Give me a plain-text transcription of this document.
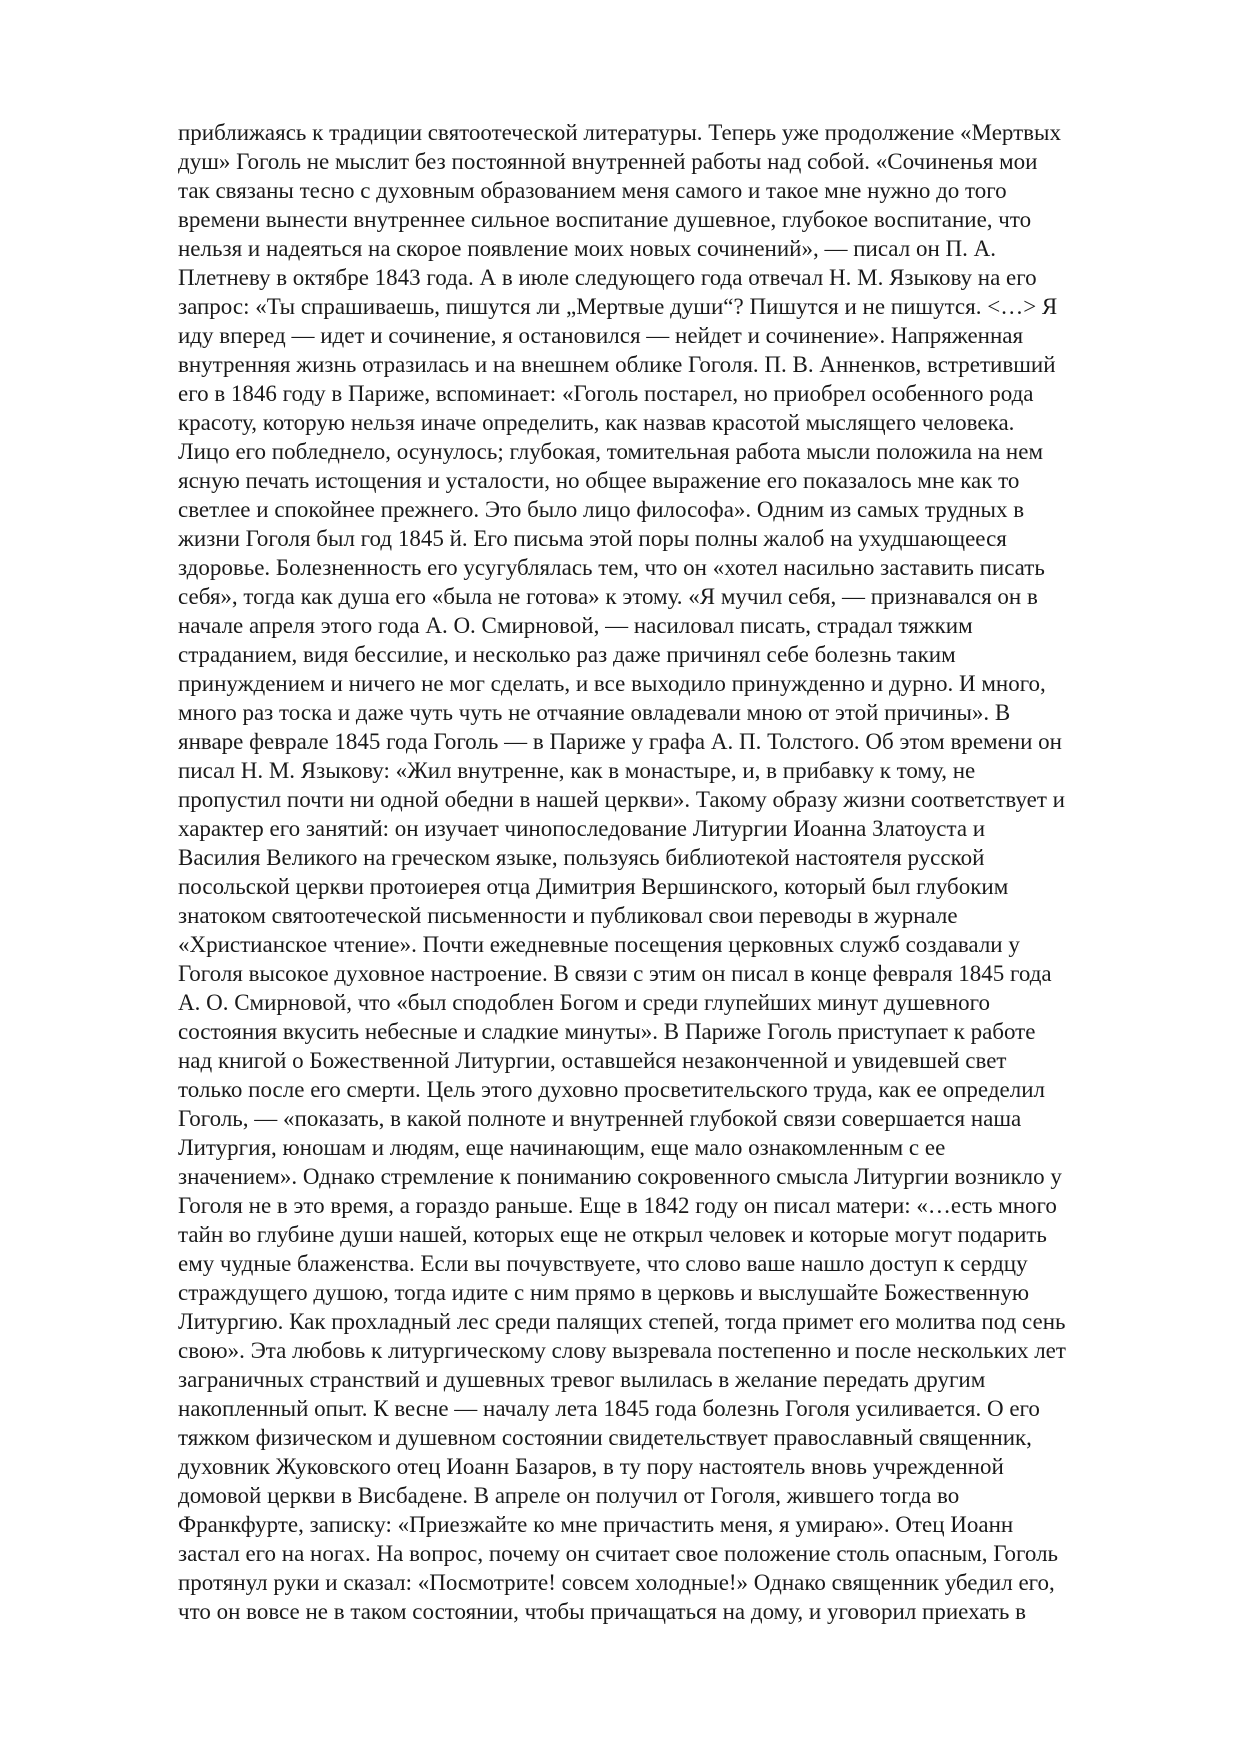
приближаясь к традиции святоотеческой литературы. Теперь уже продолжение «Мертвых

душ» Гоголь не мыслит без постоянной внутренней работы над собой. «Сочиненья мои

так связаны тесно с духовным образованием меня самого и такое мне нужно до того

времени вынести внутреннее сильное воспитание душевное, глубокое воспитание, что

нельзя и надеяться на скорое появление моих новых сочинений», — писал он П. А.

Плетневу в октябре 1843 года. А в июле следующего года отвечал Н. М. Языкову на его

запрос: «Ты спрашиваешь, пишутся ли „Мертвые души“? Пишутся и не пишутся. <…> Я

иду вперед — идет и сочинение, я остановился — нейдет и сочинение». Напряженная

внутренняя жизнь отразилась и на внешнем облике Гоголя. П. В. Анненков, встретивший

его в 1846 году в Париже, вспоминает: «Гоголь постарел, но приобрел особенного рода

красоту, которую нельзя иначе определить, как назвав красотой мыслящего человека.

Лицо его побледнело, осунулось; глубокая, томительная работа мысли положила на нем

ясную печать истощения и усталости, но общее выражение его показалось мне как то

светлее и спокойнее прежнего. Это было лицо философа». Одним из самых трудных в

жизни Гоголя был год 1845 й. Его письма этой поры полны жалоб на ухудшающееся

здоровье. Болезненность его усугублялась тем, что он «хотел насильно заставить писать

себя», тогда как душа его «была не готова» к этому. «Я мучил себя, — признавался он в

начале апреля этого года А. О. Смирновой, — насиловал писать, страдал тяжким

страданием, видя бессилие, и несколько раз даже причинял себе болезнь таким

принуждением и ничего не мог сделать, и все выходило принужденно и дурно. И много,

много раз тоска и даже чуть чуть не отчаяние овладевали мною от этой причины». В

январе феврале 1845 года Гоголь — в Париже у графа А. П. Толстого. Об этом времени он

писал Н. М. Языкову: «Жил внутренне, как в монастыре, и, в прибавку к тому, не

пропустил почти ни одной обедни в нашей церкви». Такому образу жизни соответствует и

характер его занятий: он изучает чинопоследование Литургии Иоанна Златоуста и

Василия Великого на греческом языке, пользуясь библиотекой настоятеля русской

посольской церкви протоиерея отца Димитрия Вершинского, который был глубоким

знатоком святоотеческой письменности и публиковал свои переводы в журнале

«Христианское чтение». Почти ежедневные посещения церковных служб создавали у

Гоголя высокое духовное настроение. В связи с этим он писал в конце февраля 1845 года

А. О. Смирновой, что «был сподоблен Богом и среди глупейших минут душевного

состояния вкусить небесные и сладкие минуты». В Париже Гоголь приступает к работе

над книгой о Божественной Литургии, оставшейся незаконченной и увидевшей свет

только после его смерти. Цель этого духовно просветительского труда, как ее определил

Гоголь, — «показать, в какой полноте и внутренней глубокой связи совершается наша

Литургия, юношам и людям, еще начинающим, еще мало ознакомленным с ее

значением». Однако стремление к пониманию сокровенного смысла Литургии возникло у

Гоголя не в это время, а гораздо раньше. Еще в 1842 году он писал матери: «…есть много

тайн во глубине души нашей, которых еще не открыл человек и которые могут подарить

ему чудные блаженства. Если вы почувствуете, что слово ваше нашло доступ к сердцу

страждущего душою, тогда идите с ним прямо в церковь и выслушайте Божественную

Литургию. Как прохладный лес среди палящих степей, тогда примет его молитва под сень

свою». Эта любовь к литургическому слову вызревала постепенно и после нескольких лет

заграничных странствий и душевных тревог вылилась в желание передать другим

накопленный опыт. К весне — началу лета 1845 года болезнь Гоголя усиливается. О его

тяжком физическом и душевном состоянии свидетельствует православный священник,

духовник Жуковского отец Иоанн Базаров, в ту пору настоятель вновь учрежденной

домовой церкви в Висбадене. В апреле он получил от Гоголя, жившего тогда во

Франкфурте, записку: «Приезжайте ко мне причастить меня, я умираю». Отец Иоанн

застал его на ногах. На вопрос, почему он считает свое положение столь опасным, Гоголь

протянул руки и сказал: «Посмотрите! совсем холодные!» Однако священник убедил его,

что он вовсе не в таком состоянии, чтобы причащаться на дому, и уговорил приехать в
